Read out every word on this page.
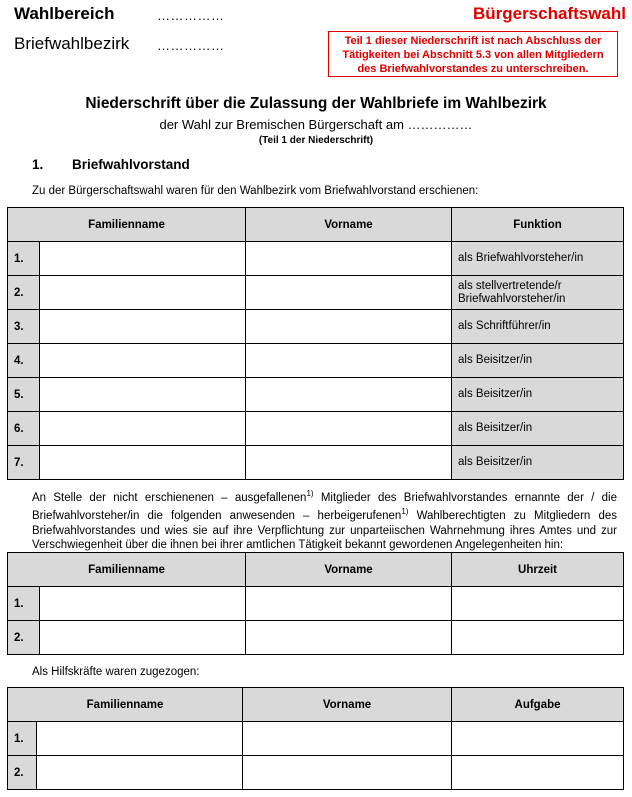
Wahlbereich	……………
Briefwahlbezirk ……………
Bürgerschaftswahl
Teil 1 dieser Niederschrift ist nach Abschluss der Tätigkeiten bei Abschnitt 5.3 von allen Mitgliedern des Briefwahlvorstandes zu unterschreiben.
Niederschrift über die Zulassung der Wahlbriefe im Wahlbezirk
der Wahl zur Bremischen Bürgerschaft am ……………
(Teil 1 der Niederschrift)
1. Briefwahlvorstand
Zu der Bürgerschaftswahl waren für den Wahlbezirk vom Briefwahlvorstand erschienen:
Familienname		Vorname	Funktion
1.			als Briefwahlvorsteher/in
2.			als stellvertretende/r Briefwahlvorsteher/in
3.			als Schriftführer/in
4.			als Beisitzer/in
5.			als Beisitzer/in
6.			als Beisitzer/in
7.			als Beisitzer/in
An Stelle der nicht erschienenen – ausgefallenen$^{1)}$ Mitglieder des Briefwahlvorstandes ernannte der / die Briefwahlvorsteher/in die folgenden anwesenden – herbeigerufenen$^{1)}$ Wahlberechtigten zu Mitgliedern des Briefwahlvorstandes und wies sie auf ihre Verpflichtung zur unparteiischen Wahrnehmung ihres Amtes und zur Verschwiegenheit über die ihnen bei ihrer amtlichen Tätigkeit bekannt gewordenen Angelegenheiten hin:
Familienname		Vorname	Uhrzeit
1.			
2.			
Als Hilfskräfte waren zugezogen:
Familienname		Vorname	Aufgabe
1.			
2.			
